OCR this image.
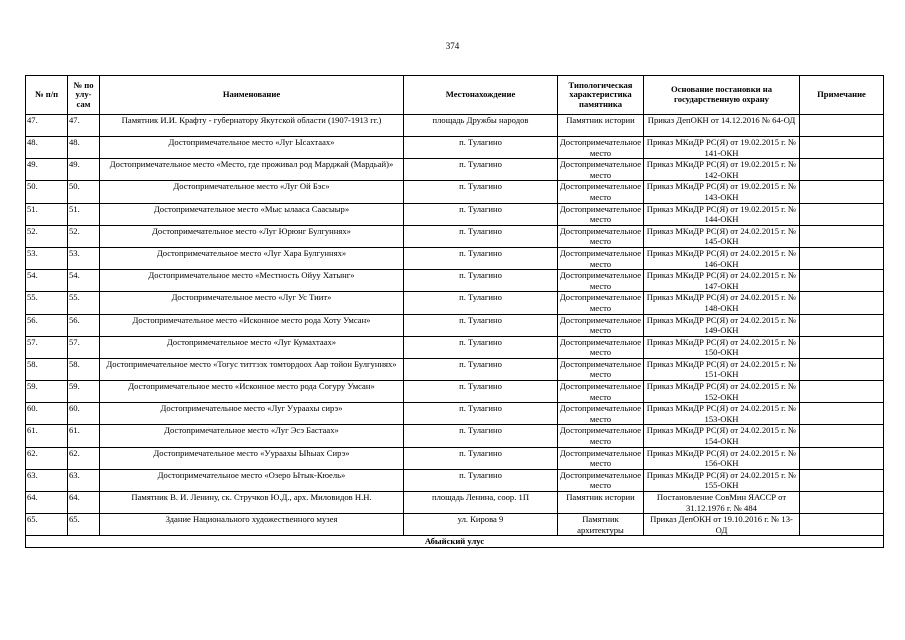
374
№ п/п	№ по улу-сам	Наименование	Местонахождение	Типологическая характеристика памятника	Основание постановки на государственную охрану	Примечание
47.	47.	Памятник И.И. Крафту - губернатору Якутской области (1907-1913 гг.)	площадь Дружбы народов	Памятник истории	Приказ ДепОКН от 14.12.2016 № 64-ОД	
48.	48.	Достопримечательное место «Луг Ысахтаах»	п. Тулагино	Достопримечательное место	Приказ МКиДР РС(Я) от 19.02.2015 г. № 141-ОКН	
49.	49.	Достопримечательное место «Место, где проживал род Марджай (Мардьай)»	п. Тулагино	Достопримечательное место	Приказ МКиДР РС(Я) от 19.02.2015 г. № 142-ОКН	
50.	50.	Достопримечательное место «Луг Ой Бэс»	п. Тулагино	Достопримечательное место	Приказ МКиДР РС(Я) от 19.02.2015 г. № 143-ОКН	
51.	51.	Достопримечательное место «Мыс ылааса Саасыыр»	п. Тулагино	Достопримечательное место	Приказ МКиДР РС(Я) от 19.02.2015 г. № 144-ОКН	
52.	52.	Достопримечательное место «Луг Юрюнг Булгуннях»	п. Тулагино	Достопримечательное место	Приказ МКиДР РС(Я) от 24.02.2015 г. № 145-ОКН	
53.	53.	Достопримечательное место «Луг Хара Булгуннях»	п. Тулагино	Достопримечательное место	Приказ МКиДР РС(Я) от 24.02.2015 г. № 146-ОКН	
54.	54.	Достопримечательное место «Местность Ойуу Хатынг»	п. Тулагино	Достопримечательное место	Приказ МКиДР РС(Я) от 24.02.2015 г. № 147-ОКН	
55.	55.	Достопримечательное место «Луг Ус Тиит»	п. Тулагино	Достопримечательное место	Приказ МКиДР РС(Я) от 24.02.2015 г. № 148-ОКН	
56.	56.	Достопримечательное место «Исконное место рода Хоту Умсан»	п. Тулагино	Достопримечательное место	Приказ МКиДР РС(Я) от 24.02.2015 г. № 149-ОКН	
57.	57.	Достопримечательное место «Луг Кумахтаах»	п. Тулагино	Достопримечательное место	Приказ МКиДР РС(Я) от 24.02.2015 г. № 150-ОКН	
58.	58.	Достопримечательное место «Тогус титтээх томтордоох Аар тойон Булгуннях»	п. Тулагино	Достопримечательное место	Приказ МКиДР РС(Я) от 24.02.2015 г. № 151-ОКН	
59.	59.	Достопримечательное место «Исконное место рода Согуру Умсан»	п. Тулагино	Достопримечательное место	Приказ МКиДР РС(Я) от 24.02.2015 г. № 152-ОКН	
60.	60.	Достопримечательное место «Луг Уураахы сирэ»	п. Тулагино	Достопримечательное место	Приказ МКиДР РС(Я) от 24.02.2015 г. № 153-ОКН	
61.	61.	Достопримечательное место «Луг Эсэ Бастаах»	п. Тулагино	Достопримечательное место	Приказ МКиДР РС(Я) от 24.02.2015 г. № 154-ОКН	
62.	62.	Достопримечательное место «Уураахы Ыһыах Сирэ»	п. Тулагино	Достопримечательное место	Приказ МКиДР РС(Я) от 24.02.2015 г. № 156-ОКН	
63.	63.	Достопримечательное место «Озеро Ытык-Кюель»	п. Тулагино	Достопримечательное место	Приказ МКиДР РС(Я) от 24.02.2015 г. № 155-ОКН	
64.	64.	Памятник В. И. Ленину, ск. Стручков Ю.Д., арх. Миловидов Н.Н.	площадь Ленина, соор. 1П	Памятник истории	Постановление СовМин ЯАССР от 31.12.1976 г. № 484	
65.	65.	Здание Национального художественного музея	ул. Кирова 9	Памятник архитектуры	Приказ ДепОКН от 19.10.2016 г. № 13-ОД	
Абыйский улус						
